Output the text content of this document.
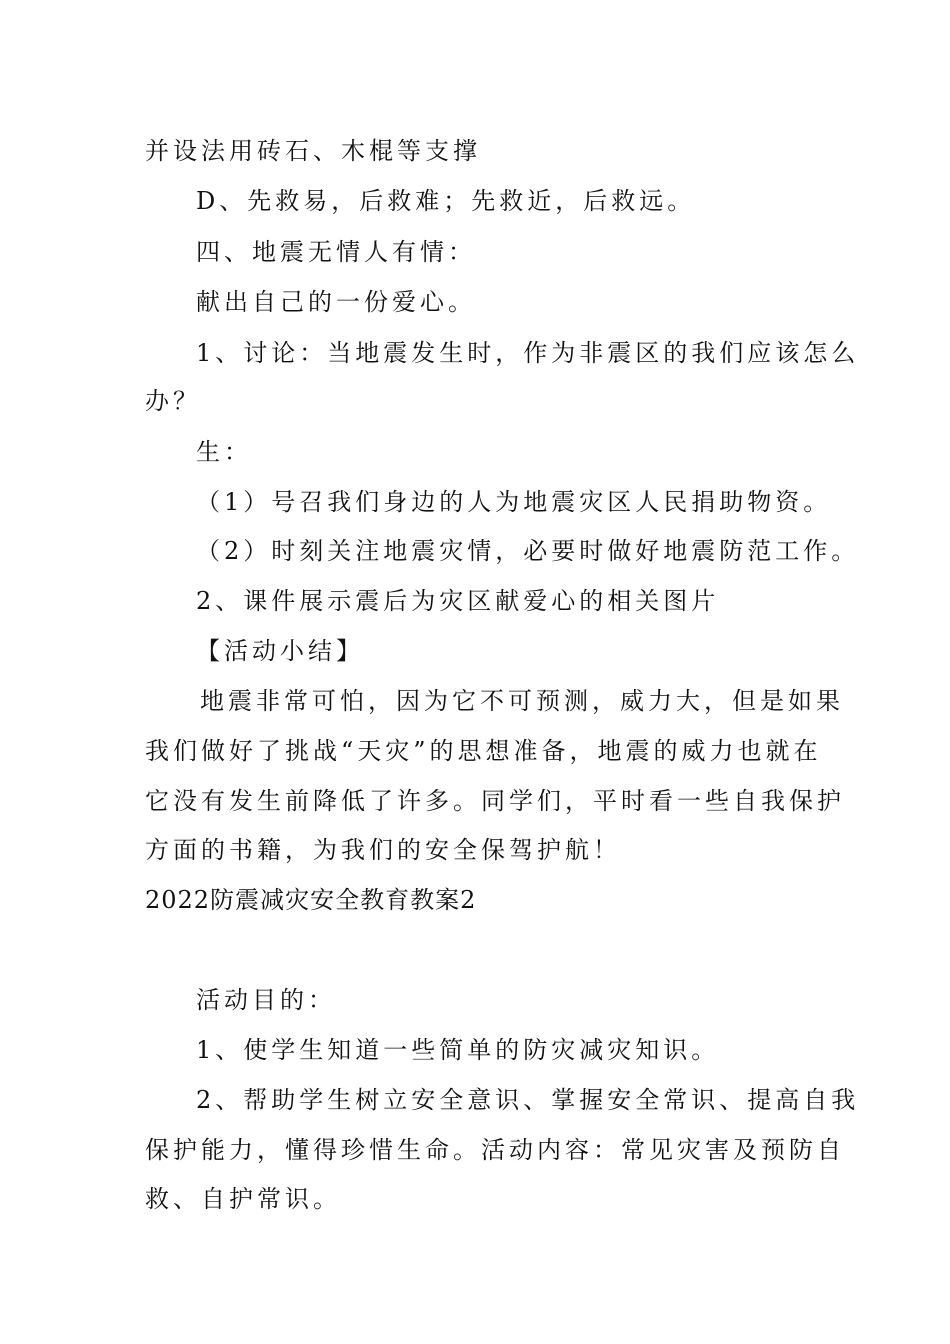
并设法用砖石、木棍等支撑
D、先救易，后救难；先救近，后救远。
四、地震无情人有情：
献出自己的一份爱心。
1、讨论：当地震发生时，作为非震区的我们应该怎么
办？
生：
（1）号召我们身边的人为地震灾区人民捐助物资。
（2）时刻关注地震灾情，必要时做好地震防范工作。
2、课件展示震后为灾区献爱心的相关图片
【活动小结】
地震非常可怕，因为它不可预测，威力大，但是如果
我们做好了挑战“天灾”的思想准备，地震的威力也就在
它没有发生前降低了许多。同学们，平时看一些自我保护
方面的书籍，为我们的安全保驾护航！
2022防震减灾安全教育教案2
活动目的：
1、使学生知道一些简单的防灾减灾知识。
2、帮助学生树立安全意识、掌握安全常识、提高自我
保护能力，懂得珍惜生命。活动内容：常见灾害及预防自
救、自护常识。
